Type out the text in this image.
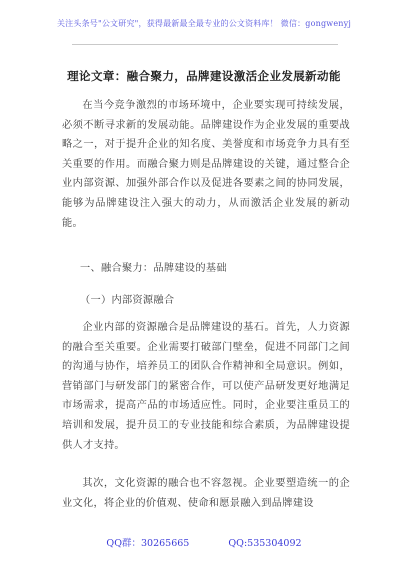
关注头条号"公文研究"，获得最新最全最专业的公文资料库！ 微信：gongwenyj
理论文章：融合聚力，品牌建设激活企业发展新动能

在当今竞争激烈的市场环境中，企业要实现可持续发展，必须不断寻求新的发展动能。品牌建设作为企业发展的重要战略之一，对于提升企业的知名度、美誉度和市场竞争力具有至关重要的作用。而融合聚力则是品牌建设的关键，通过整合企业内部资源、加强外部合作以及促进各要素之间的协同发展，能够为品牌建设注入强大的动力，从而激活企业发展的新动能。

一、融合聚力：品牌建设的基础
（一）内部资源融合

企业内部的资源融合是品牌建设的基石。首先，人力资源的融合至关重要。企业需要打破部门壁垒，促进不同部门之间的沟通与协作，培养员工的团队合作精神和全局意识。例如，营销部门与研发部门的紧密合作，可以使产品研发更好地满足市场需求，提高产品的市场适应性。同时，企业要注重员工的培训和发展，提升员工的专业技能和综合素质，为品牌建设提供人才支持。

其次，文化资源的融合也不容忽视。企业要塑造统一的企业文化，将企业的价值观、使命和愿景融入到品牌建设

QQ群：30265665	QQ:535304092
